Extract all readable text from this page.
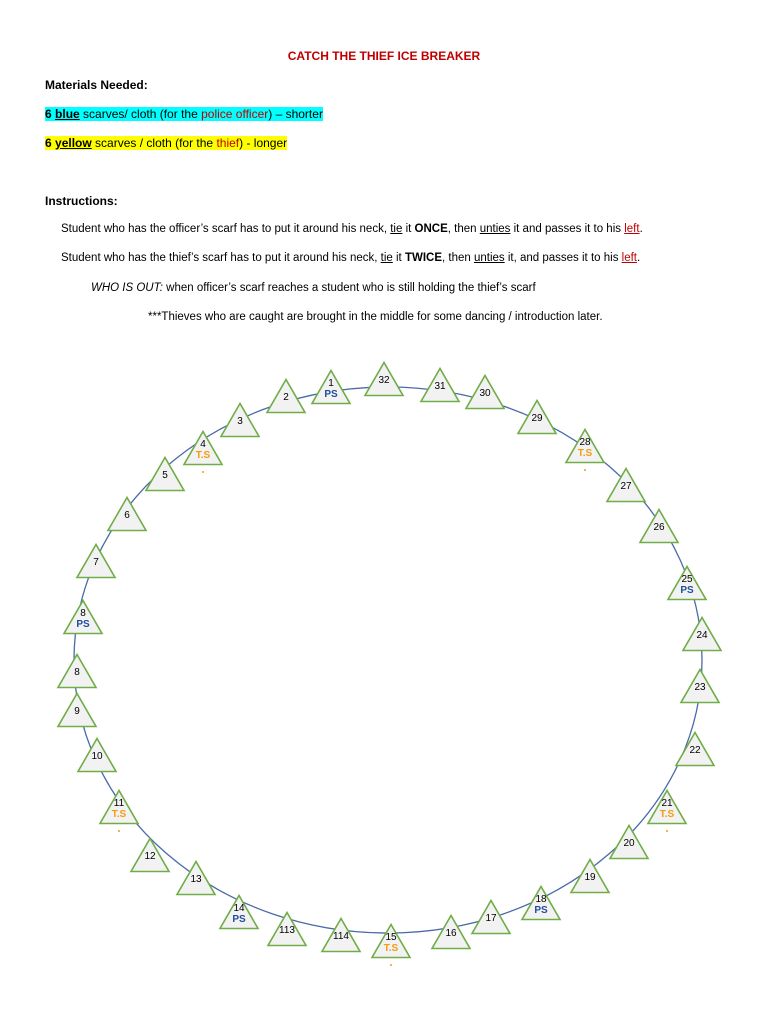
CATCH THE THIEF ICE BREAKER
Materials Needed:
6 blue scarves/ cloth (for the police officer) – shorter
6 yellow scarves / cloth (for the thief) - longer
Instructions:
Student who has the officer’s scarf has to put it around his neck, tie it ONCE, then unties it and passes it to his left.
Student who has the thief’s scarf has to put it around his neck, tie it TWICE, then unties it, and passes it to his left.
WHO IS OUT: when officer’s scarf reaches a student who is still holding the thief’s scarf
***Thieves who are caught are brought in the middle for some dancing / introduction later.
1
PS
2
3
4
T.S
5
6
7
8
PS
8
9
10
11
T.S
12
13
14
PS
113
114	15
T.S
16
17
18
PS
19
20
21
T.S
22
23
24
25
PS
26
27
28
T.S
29
30
31
32
